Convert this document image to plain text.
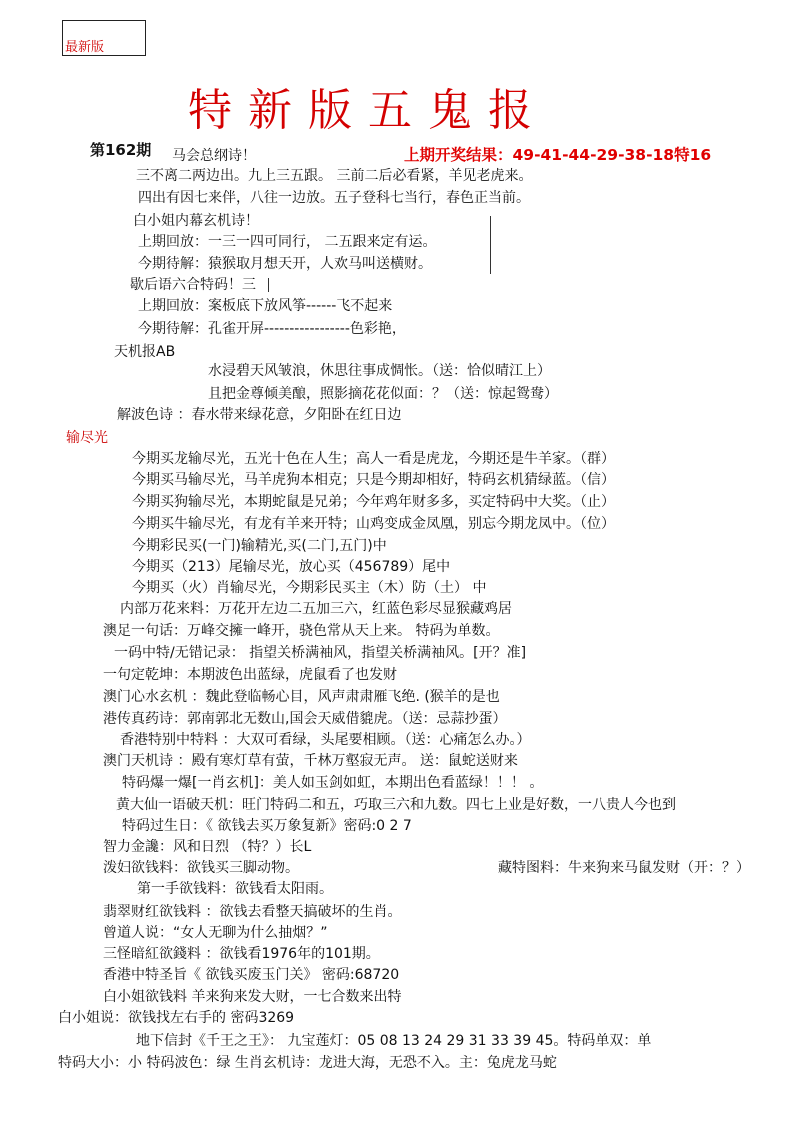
最新版
特新版五鬼报
第162期	上期开奖结果：49-41-44-29-38-18特16
马会总纲诗！
三不离二两边出。九上三五跟。 三前二后必看紧，羊见老虎来。
四出有因七来伴，八往一边放。五子登科七当行，春色正当前。
白小姐内幕玄机诗！
上期回放：一三一四可同行， 二五跟来定有运。
今期待解：猿猴取月想天开，人欢马叫送横财。
歇后语六合特码！三
上期回放：案板底下放风筝------飞不起来
今期待解：孔雀开屏-----------------色彩艳，
天机报AB
水浸碧天风皱浪，休思往事成惆怅。（送：恰似晴江上）
且把金尊倾美酿，照影摘花花似面：？（送：惊起鸳鸯）
解波色诗 ：春水带来绿花意，夕阳卧在红日边
输尽光
今期买龙输尽光，五光十色在人生；高人一看是虎龙，今期还是牛羊家。（群）
今期买马输尽光，马羊虎狗本相克；只是今期却相好，特码玄机猜绿蓝。（信）
今期买狗输尽光，本期蛇鼠是兄弟；今年鸡年财多多，买定特码中大奖。（止）
今期买牛输尽光，有龙有羊来开特；山鸡变成金凤凰，别忘今期龙凤中。（位）
今期彩民买(一门)输精光,买(二门,五门)中
今期买（213）尾输尽光，放心买（456789）尾中
今期买（火）肖输尽光，今期彩民买主（木）防（土） 中
内部万花来料：万花开左边二五加三六，红蓝色彩尽显猴藏鸡居
澳足一句话：万峰交擁一峰开，骁色常从天上来。 特码为单数。
一码中特/无错记录： 指望关桥满袖风，指望关桥满袖风。[开？准]
一句定乾坤：本期波色出蓝绿，虎鼠看了也发财
澳门心水玄机 ：魏此登临畅心目，风声肃肃雁飞绝. (猴羊的是也
港传真药诗：郭南郭北无数山,国会天威借貔虎。（送：忌蒜抄蛋）
香港特别中特料 ：大双可看绿，头尾要相顾。（送：心痛怎么办。）
澳门天机诗 ：殿有寒灯草有萤，千林万壑寂无声。 送：鼠蛇送财来
特码爆一爆[一肖玄机]：美人如玉剑如虹，本期出色看蓝绿！！！ 。
黄大仙一语破天机：旺门特码二和五，巧取三六和九数。四七上业是好数，一八贵人今也到
特码过生日：《 欲钱去买万象复新》密码:0 2 7
智力金讒：风和日烈 （特？）长L
泼妇欲钱料：欲钱买三脚动物。	藏特图料：牛来狗来马鼠发财（开：？）
第一手欲钱料：欲钱看太阳雨。
翡翠财红欲钱料 ：欲钱去看整天搞破坏的生肖。
曾道人说：“女人无聊为什么抽烟？”
三怪暗紅欲錢料 ：欲钱看1976年的101期。
香港中特圣旨《 欲钱买废玉门关》 密码:68720
白小姐欲钱料 羊来狗来发大财，一七合数来出特
白小姐说：欲钱找左右手的 密码3269
地下信封《千王之王》： 九宝莲灯：05 08 13 24 29 31 33 39 45。特码单双：单
特码大小：小 特码波色：绿 生肖玄机诗：龙进大海，无恐不入。主：兔虎龙马蛇
